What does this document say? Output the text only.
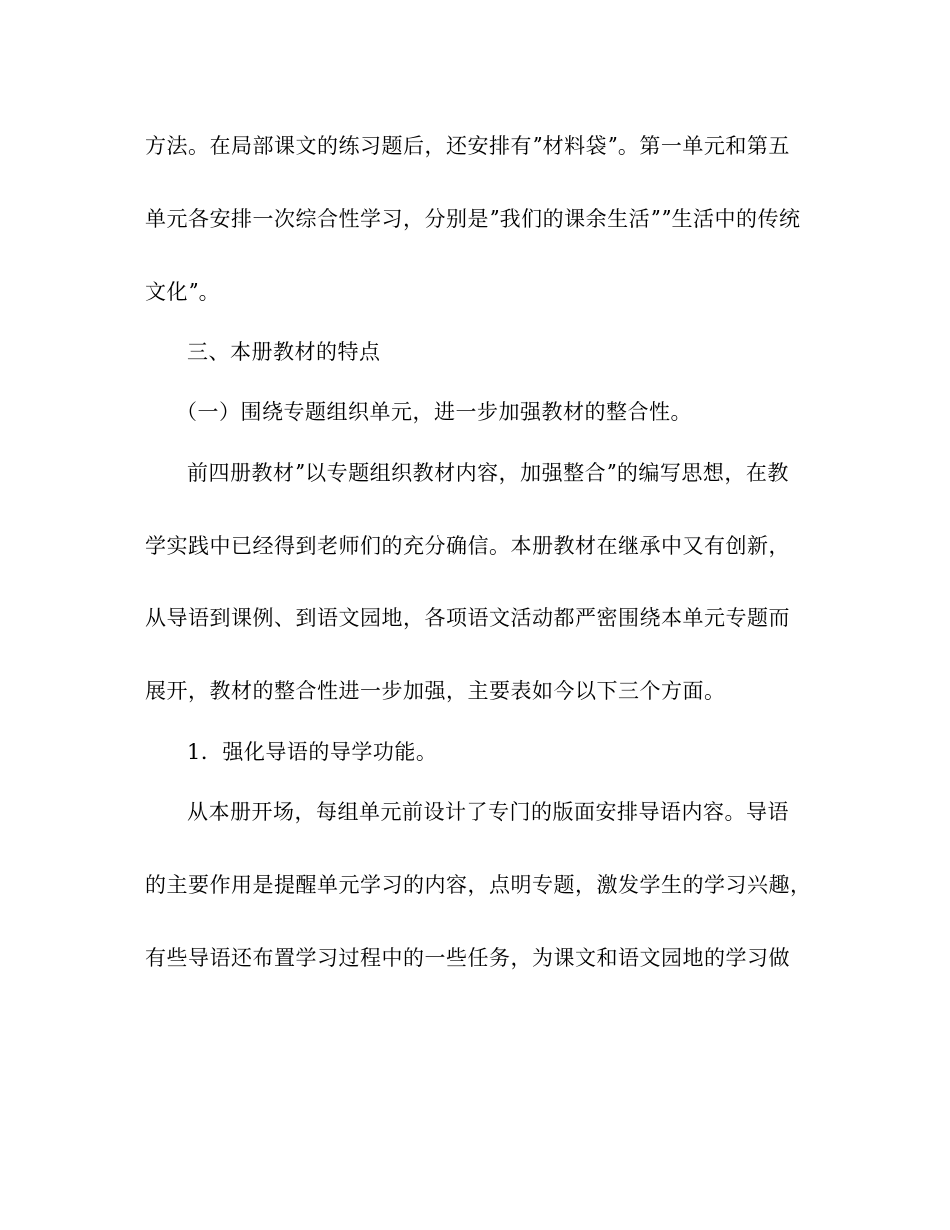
方法。在局部课文的练习题后，还安排有ˮ材料袋ˮ。第一单元和第五
单元各安排一次综合性学习，分别是ˮ我们的课余生活ˮˮ生活中的传统
文化ˮ。
三、本册教材的特点
（一）围绕专题组织单元，进一步加强教材的整合性。
前四册教材ˮ以专题组织教材内容，加强整合ˮ的编写思想，在教
学实践中已经得到老师们的充分确信。本册教材在继承中又有创新，
从导语到课例、到语文园地，各项语文活动都严密围绕本单元专题而
展开，教材的整合性进一步加强，主要表如今以下三个方面。
1．强化导语的导学功能。
从本册开场，每组单元前设计了专门的版面安排导语内容。导语
的主要作用是提醒单元学习的内容，点明专题，激发学生的学习兴趣，
有些导语还布置学习过程中的一些任务，为课文和语文园地的学习做
